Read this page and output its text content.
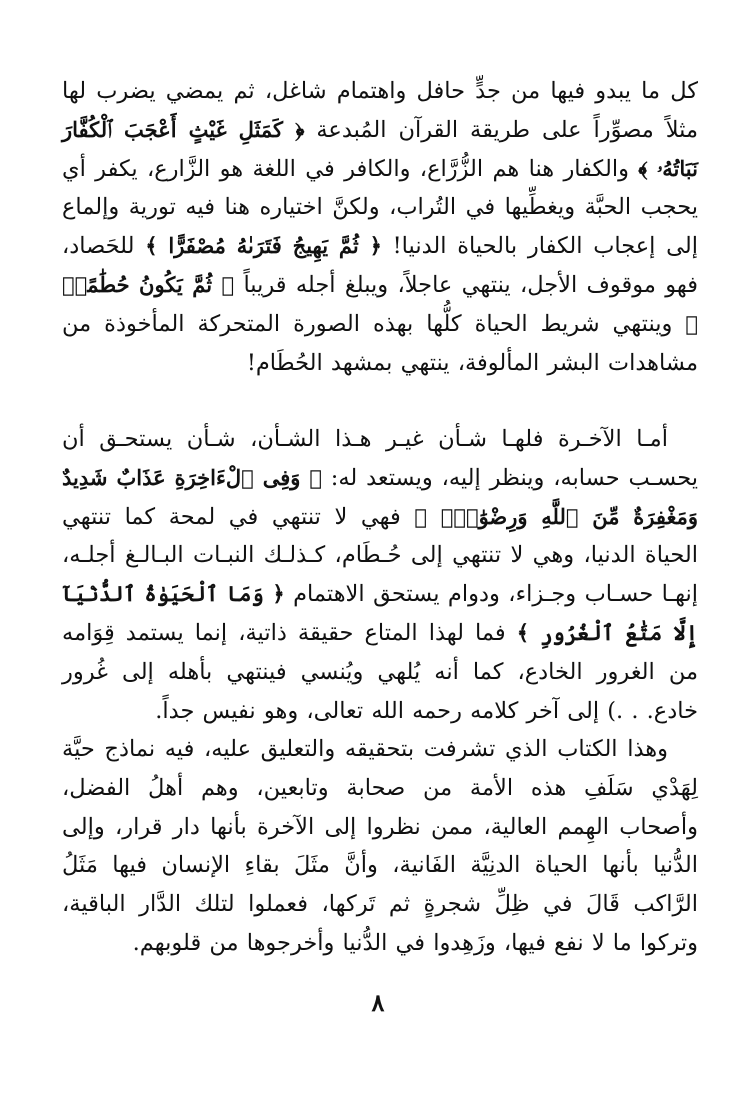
كل ما يبدو فيها من جدٍّ حافل واهتمام شاغل، ثم يمضي يضرب لها مثلاً مصوِّراً على طريقة القرآن المُبدعة ﴿ كَمَثَلِ غَيْثٍ أَعْجَبَ ٱلْكُفَّارَ نَبَاتُهُۥ ﴾ والكفار هنا هم الزُّرَّاع، والكافر في اللغة هو الزَّارع، يكفر أي يحجب الحبَّة ويغطِّيها في التُراب، ولكنَّ اختياره هنا فيه تورية وإلماع إلى إعجاب الكفار بالحياة الدنيا! ﴿ ثُمَّ يَهِيجُ فَتَرَىٰهُ مُصْفَرًّا ﴾ للحَصاد، فهو موقوف الأجل، ينتهي عاجلاً، ويبلغ أجله قريباً ﴿ ثُمَّ يَكُونُ حُطَٰمًاۖ ﴾ وينتهي شريط الحياة كلُّها بهذه الصورة المتحركة المأخوذة من مشاهدات البشر المألوفة، ينتهي بمشهد الحُطَام!

أمـا الآخـرة فلهـا شـأن غيـر هـذا الشـأن، شـأن يستحـق أن يحسـب حسابه، وينظر إليه، ويستعد له: ﴿ وَفِى ٱلْءَاخِرَةِ عَذَابٌ شَدِيدٌ وَمَغْفِرَةٌ مِّنَ ٱللَّهِ وَرِضْوَٰنٌۚ ﴾ فهي لا تنتهي في لمحة كما تنتهي الحياة الدنيا، وهي لا تنتهي إلى حُـطَام، كـذلـك النبـات البـالـغ أجلـه، إنهـا حسـاب وجـزاء، ودوام يستحق الاهتمام ﴿ وَمَا ٱلْحَيَوٰةُ ٱلدُّنْيَآ إِلَّا مَتَٰعُ ٱلْغُرُورِ ﴾ فما لهذا المتاع حقيقة ذاتية، إنما يستمد قِوَامه من الغرور الخادع، كما أنه يُلهي ويُنسي فينتهي بأهله إلى غُرور خادع. . .) إلى آخر كلامه رحمه الله تعالى، وهو نفيس جداً.

وهذا الكتاب الذي تشرفت بتحقيقه والتعليق عليه، فيه نماذج حيَّة لِهَدْي سَلَفِ هذه الأمة من صحابة وتابعين، وهم أهلُ الفضل، وأصحاب الهِمم العالية، ممن نظروا إلى الآخرة بأنها دار قرار، وإلى الدُّنيا بأنها الحياة الدنِيَّة الفَانية، وأنَّ مثَلَ بقاءِ الإنسان فيها مَثَلُ الرَّاكب قَالَ في ظِلِّ شجرةٍ ثم تَركها، فعملوا لتلك الدَّار الباقية، وتركوا ما لا نفع فيها، وزَهِدوا في الدُّنيا وأخرجوها من قلوبهم.

٨
